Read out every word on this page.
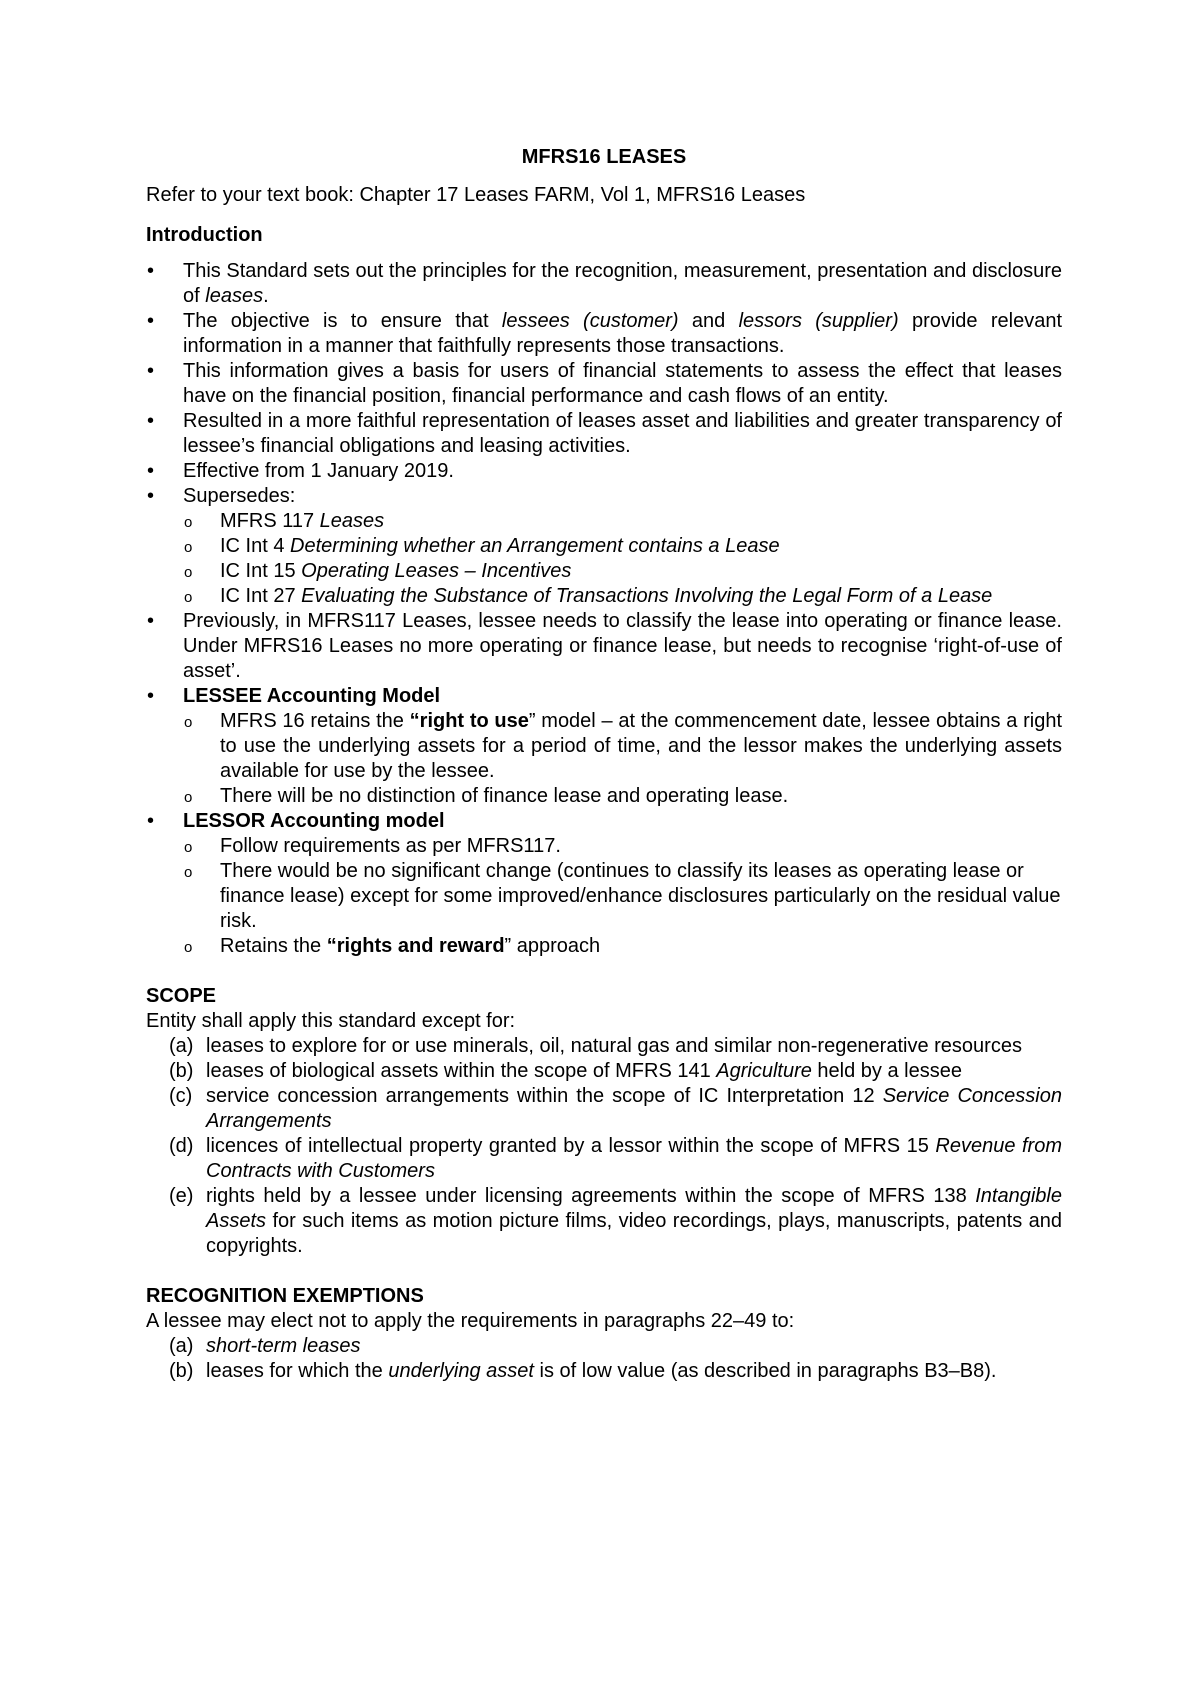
MFRS16 LEASES

Refer to your text book: Chapter 17 Leases FARM, Vol 1, MFRS16 Leases

Introduction
• This Standard sets out the principles for the recognition, measurement, presentation and disclosure of leases.
• The objective is to ensure that lessees (customer) and lessors (supplier) provide relevant information in a manner that faithfully represents those transactions.
• This information gives a basis for users of financial statements to assess the effect that leases have on the financial position, financial performance and cash flows of an entity.
• Resulted in a more faithful representation of leases asset and liabilities and greater transparency of lessee’s financial obligations and leasing activities.
• Effective from 1 January 2019.
• Supersedes:
o MFRS 117 Leases
o IC Int 4 Determining whether an Arrangement contains a Lease
o IC Int 15 Operating Leases – Incentives
o IC Int 27 Evaluating the Substance of Transactions Involving the Legal Form of a Lease
• Previously, in MFRS117 Leases, lessee needs to classify the lease into operating or finance lease. Under MFRS16 Leases no more operating or finance lease, but needs to recognise ‘right-of-use of asset’.
• LESSEE Accounting Model
o MFRS 16 retains the “right to use” model – at the commencement date, lessee obtains a right to use the underlying assets for a period of time, and the lessor makes the underlying assets available for use by the lessee.
o There will be no distinction of finance lease and operating lease.
• LESSOR Accounting model
o Follow requirements as per MFRS117.
o There would be no significant change (continues to classify its leases as operating lease or finance lease) except for some improved/enhance disclosures particularly on the residual value risk.
o Retains the “rights and reward” approach
SCOPE
Entity shall apply this standard except for:
(a) leases to explore for or use minerals, oil, natural gas and similar non-regenerative resources
(b) leases of biological assets within the scope of MFRS 141 Agriculture held by a lessee
(c) service concession arrangements within the scope of IC Interpretation 12 Service Concession Arrangements
(d) licences of intellectual property granted by a lessor within the scope of MFRS 15 Revenue from Contracts with Customers
(e) rights held by a lessee under licensing agreements within the scope of MFRS 138 Intangible Assets for such items as motion picture films, video recordings, plays, manuscripts, patents and copyrights.
RECOGNITION EXEMPTIONS
A lessee may elect not to apply the requirements in paragraphs 22–49 to:
(a) short-term leases
(b) leases for which the underlying asset is of low value (as described in paragraphs B3–B8).
